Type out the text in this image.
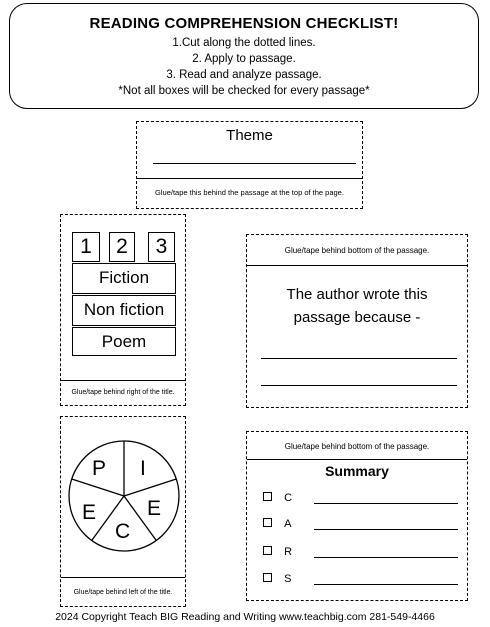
READING COMPREHENSION CHECKLIST!
1.Cut along the dotted lines.
2. Apply to passage.
3. Read and analyze passage.
*Not all boxes will be checked for every passage*
Theme
Glue/tape this behind the passage at the top of the page.
1	2	3
Fiction
Non fiction
Poem
Glue/tape behind right of the title.
Glue/tape behind bottom of the passage.
The author wrote this
passage because -
P I
E
C
E
Glue/tape behind left of the title.
Glue/tape behind bottom of the passage.
Summary
C
A
R
S
2024 Copyright Teach BIG Reading and Writing www.teachbig.com 281-549-4466
